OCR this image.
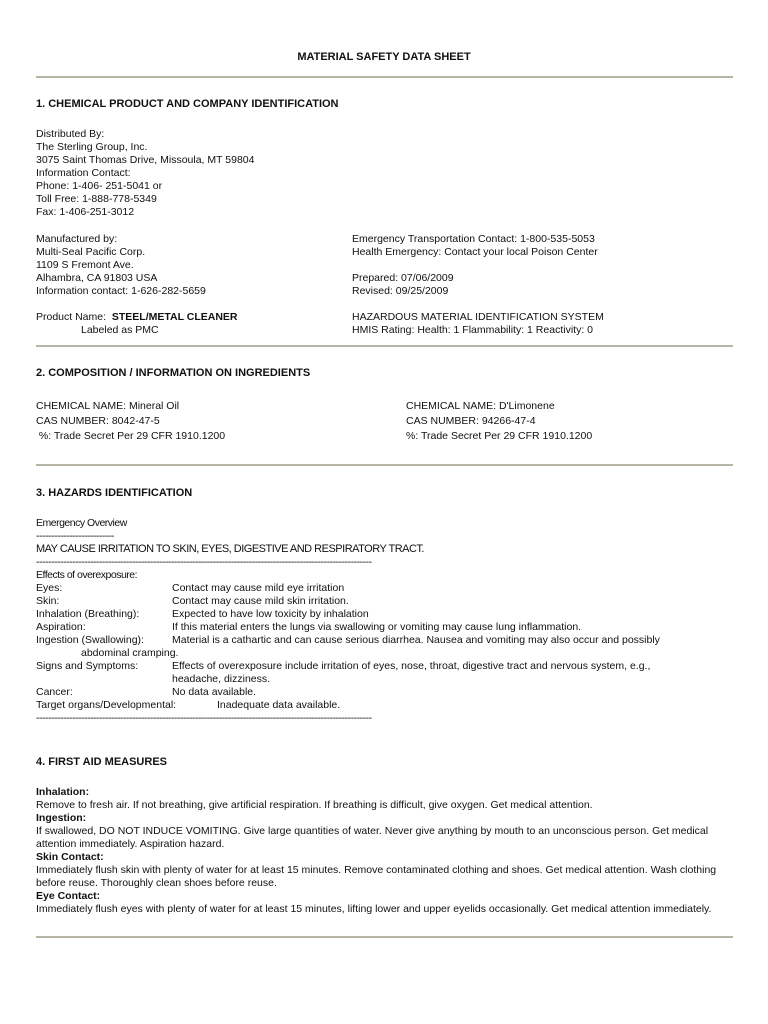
MATERIAL SAFETY DATA SHEET
1. CHEMICAL PRODUCT AND COMPANY IDENTIFICATION
Distributed By:
The Sterling Group, Inc.
3075 Saint Thomas Drive, Missoula, MT 59804
Information Contact:
Phone: 1-406- 251-5041 or
Toll Free: 1-888-778-5349
Fax: 1-406-251-3012
Manufactured by:
Multi-Seal Pacific Corp.
1109 S Fremont Ave.
Alhambra, CA 91803 USA
Information contact: 1-626-282-5659
Emergency Transportation Contact: 1-800-535-5053
Health Emergency: Contact your local Poison Center
Prepared: 07/06/2009
Revised: 09/25/2009
Product Name: STEEL/METAL CLEANER
Labeled as PMC
HAZARDOUS MATERIAL IDENTIFICATION SYSTEM
HMIS Rating: Health: 1 Flammability: 1 Reactivity: 0
2. COMPOSITION / INFORMATION ON INGREDIENTS
CHEMICAL NAME: Mineral Oil
CAS NUMBER: 8042-47-5
%: Trade Secret Per 29 CFR 1910.1200
CHEMICAL NAME: D'Limonene
CAS NUMBER: 94266-47-4
%: Trade Secret Per 29 CFR 1910.1200
3. HAZARDS IDENTIFICATION
Emergency Overview
--------------------------
MAY CAUSE IRRITATION TO SKIN, EYES, DIGESTIVE AND RESPIRATORY TRACT.
----------------------------------------------------------------------------------------------------------------
Effects of overexposure:
Eyes:	Contact may cause mild eye irritation
Skin:	Contact may cause mild skin irritation.
Inhalation (Breathing):	Expected to have low toxicity by inhalation
Aspiration:	If this material enters the lungs via swallowing or vomiting may cause lung inflammation.
Ingestion (Swallowing):	Material is a cathartic and can cause serious diarrhea. Nausea and vomiting may also occur and possibly
abdominal cramping.
Signs and Symptoms:	Effects of overexposure include irritation of eyes, nose, throat, digestive tract and nervous system, e.g.,
headache, dizziness.
Cancer:	No data available.
Target organs/Developmental:	Inadequate data available.
----------------------------------------------------------------------------------------------------------------
4. FIRST AID MEASURES
Inhalation:
Remove to fresh air. If not breathing, give artificial respiration. If breathing is difficult, give oxygen. Get medical attention.
Ingestion:
If swallowed, DO NOT INDUCE VOMITING. Give large quantities of water. Never give anything by mouth to an unconscious person. Get medical attention immediately. Aspiration hazard.
Skin Contact:
Immediately flush skin with plenty of water for at least 15 minutes. Remove contaminated clothing and shoes. Get medical attention. Wash clothing before reuse. Thoroughly clean shoes before reuse.
Eye Contact:
Immediately flush eyes with plenty of water for at least 15 minutes, lifting lower and upper eyelids occasionally. Get medical attention immediately.
